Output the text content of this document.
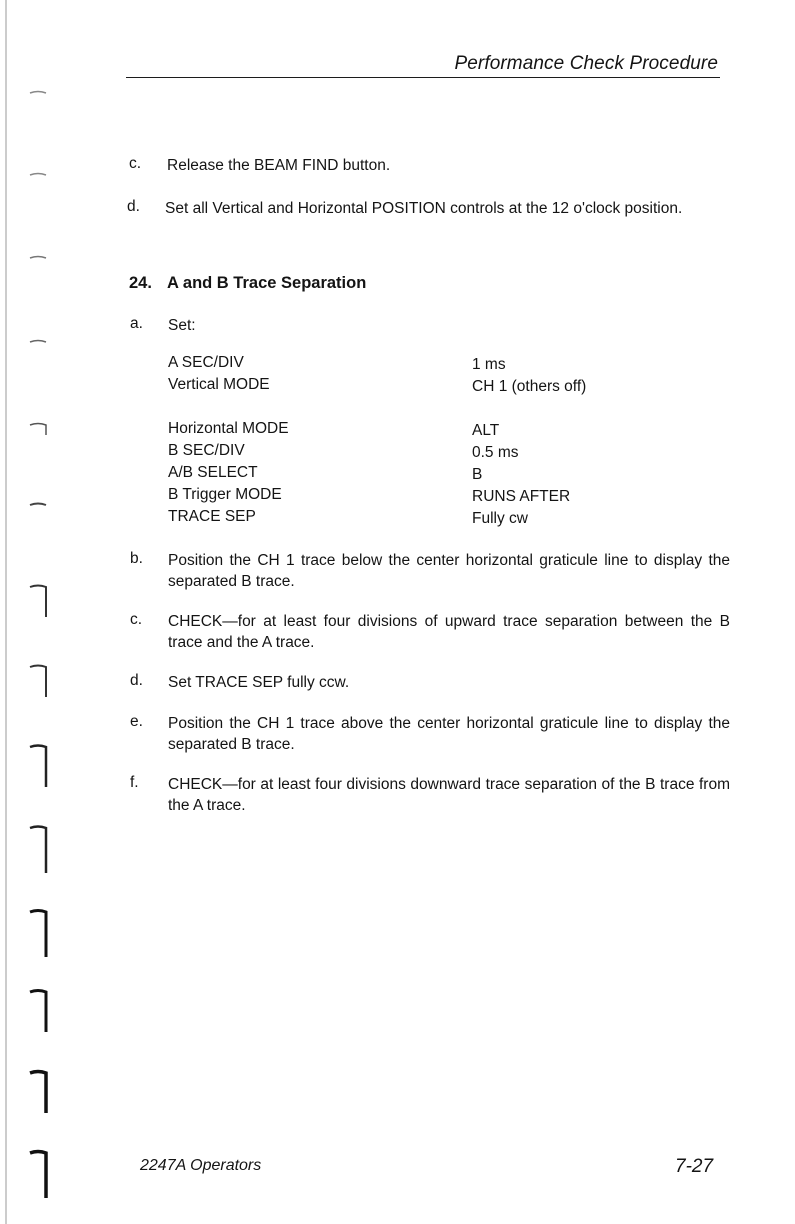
Performance Check Procedure
c. Release the BEAM FIND button.
d. Set all Vertical and Horizontal POSITION controls at the 12 o'clock position.
24. A and B Trace Separation
a. Set:
A SEC/DIV	1 ms
Vertical MODE	CH 1 (others off)
Horizontal MODE	ALT
B SEC/DIV	0.5 ms
A/B SELECT	B
B Trigger MODE	RUNS AFTER
TRACE SEP	Fully cw
b. Position the CH 1 trace below the center horizontal graticule line to display the separated B trace.
c. CHECK—for at least four divisions of upward trace separation between the B trace and the A trace.
d. Set TRACE SEP fully ccw.
e. Position the CH 1 trace above the center horizontal graticule line to display the separated B trace.
f. CHECK—for at least four divisions downward trace separation of the B trace from the A trace.
2247A Operators	7-27
